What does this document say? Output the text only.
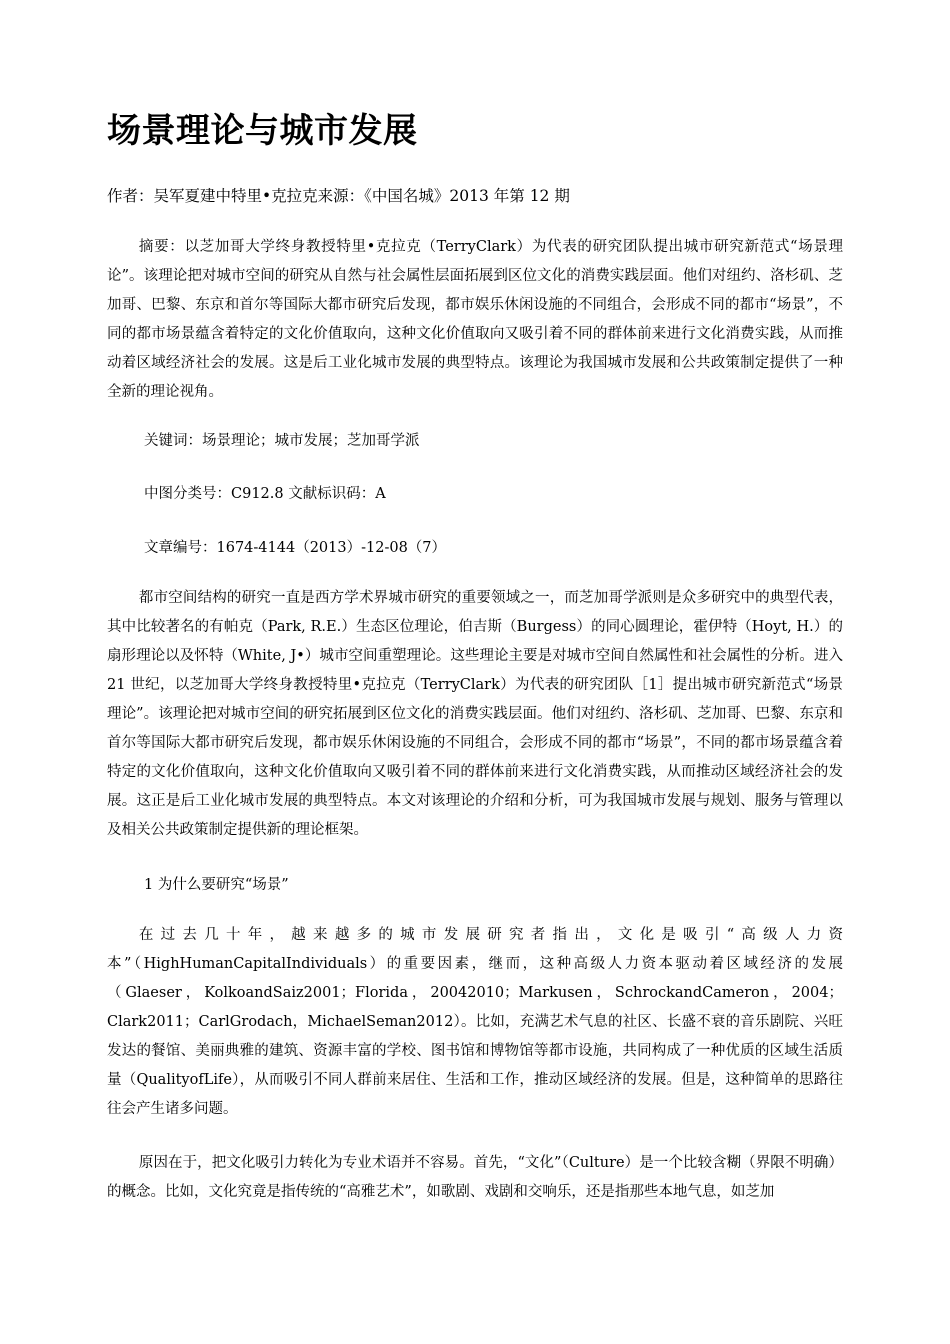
场景理论与城市发展
作者：吴军夏建中特里•克拉克来源：《中国名城》2013 年第 12 期

摘要：以芝加哥大学终身教授特里•克拉克（TerryClark）为代表的研究团队提出城市研究新范式“场景理论”。该理论把对城市空间的研究从自然与社会属性层面拓展到区位文化的消费实践层面。他们对纽约、洛杉矶、芝加哥、巴黎、东京和首尔等国际大都市研究后发现，都市娱乐休闲设施的不同组合，会形成不同的都市“场景”，不同的都市场景蕴含着特定的文化价值取向，这种文化价值取向又吸引着不同的群体前来进行文化消费实践，从而推动着区域经济社会的发展。这是后工业化城市发展的典型特点。该理论为我国城市发展和公共政策制定提供了一种全新的理论视角。

关键词：场景理论；城市发展；芝加哥学派

中图分类号：C912.8 文献标识码：A

文章编号：1674-4144（2013）-12-08（7）

都市空间结构的研究一直是西方学术界城市研究的重要领域之一，而芝加哥学派则是众多研究中的典型代表，其中比较著名的有帕克（Park, R.E.）生态区位理论，伯吉斯（Burgess）的同心圆理论，霍伊特（Hoyt, H.）的扇形理论以及怀特（White, J•）城市空间重塑理论。这些理论主要是对城市空间自然属性和社会属性的分析。进入 21 世纪，以芝加哥大学终身教授特里•克拉克（TerryClark）为代表的研究团队［1］提出城市研究新范式“场景理论”。该理论把对城市空间的研究拓展到区位文化的消费实践层面。他们对纽约、洛杉矶、芝加哥、巴黎、东京和首尔等国际大都市研究后发现，都市娱乐休闲设施的不同组合，会形成不同的都市“场景”，不同的都市场景蕴含着特定的文化价值取向，这种文化价值取向又吸引着不同的群体前来进行文化消费实践，从而推动区域经济社会的发展。这正是后工业化城市发展的典型特点。本文对该理论的介绍和分析，可为我国城市发展与规划、服务与管理以及相关公共政策制定提供新的理论框架。

1 为什么要研究“场景”

在过去几十年，越来越多的城市发展研究者指出，文化是吸引“高级人力资本”（HighHumanCapitalIndividuals）的重要因素，继而，这种高级人力资本驱动着区域经济的发展（Glaeser，KolkoandSaiz2001；Florida，20042010；Markusen，SchrockandCameron，2004；Clark2011；CarlGrodach，MichaelSeman2012）。比如，充满艺术气息的社区、长盛不衰的音乐剧院、兴旺发达的餐馆、美丽典雅的建筑、资源丰富的学校、图书馆和博物馆等都市设施，共同构成了一种优质的区域生活质量（QualityofLife），从而吸引不同人群前来居住、生活和工作，推动区域经济的发展。但是，这种简单的思路往往会产生诸多问题。

原因在于，把文化吸引力转化为专业术语并不容易。首先，“文化”（Culture）是一个比较含糊（界限不明确）的概念。比如，文化究竟是指传统的“高雅艺术”，如歌剧、戏剧和交响乐，还是指那些本地气息，如芝加
